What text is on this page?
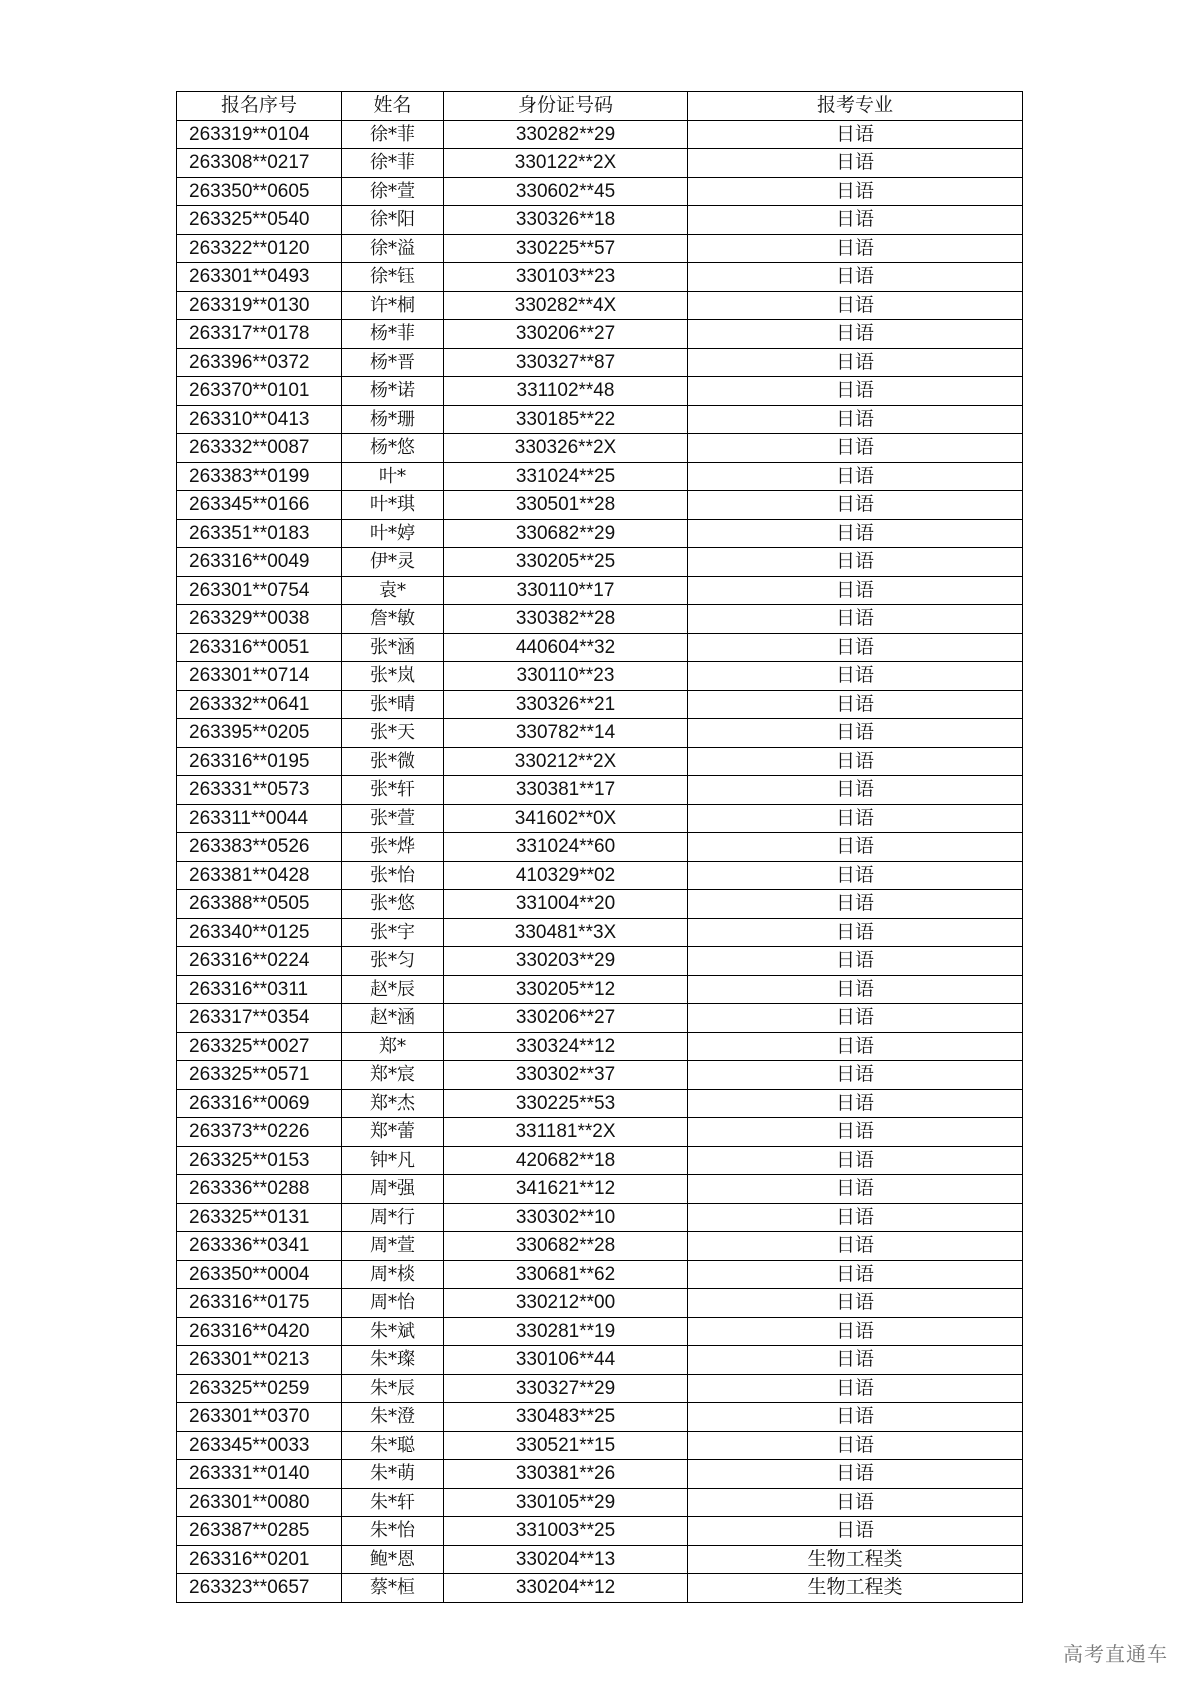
报名序号	姓名	身份证号码	报考专业
263319**0104	徐*菲	330282**29	日语
263308**0217	徐*菲	330122**2X	日语
263350**0605	徐*萱	330602**45	日语
263325**0540	徐*阳	330326**18	日语
263322**0120	徐*溢	330225**57	日语
263301**0493	徐*钰	330103**23	日语
263319**0130	许*桐	330282**4X	日语
263317**0178	杨*菲	330206**27	日语
263396**0372	杨*晋	330327**87	日语
263370**0101	杨*诺	331102**48	日语
263310**0413	杨*珊	330185**22	日语
263332**0087	杨*悠	330326**2X	日语
263383**0199	叶*	331024**25	日语
263345**0166	叶*琪	330501**28	日语
263351**0183	叶*婷	330682**29	日语
263316**0049	伊*灵	330205**25	日语
263301**0754	袁*	330110**17	日语
263329**0038	詹*敏	330382**28	日语
263316**0051	张*涵	440604**32	日语
263301**0714	张*岚	330110**23	日语
263332**0641	张*晴	330326**21	日语
263395**0205	张*天	330782**14	日语
263316**0195	张*微	330212**2X	日语
263331**0573	张*轩	330381**17	日语
263311**0044	张*萱	341602**0X	日语
263383**0526	张*烨	331024**60	日语
263381**0428	张*怡	410329**02	日语
263388**0505	张*悠	331004**20	日语
263340**0125	张*宇	330481**3X	日语
263316**0224	张*匀	330203**29	日语
263316**0311	赵*辰	330205**12	日语
263317**0354	赵*涵	330206**27	日语
263325**0027	郑*	330324**12	日语
263325**0571	郑*宸	330302**37	日语
263316**0069	郑*杰	330225**53	日语
263373**0226	郑*蕾	331181**2X	日语
263325**0153	钟*凡	420682**18	日语
263336**0288	周*强	341621**12	日语
263325**0131	周*行	330302**10	日语
263336**0341	周*萱	330682**28	日语
263350**0004	周*棪	330681**62	日语
263316**0175	周*怡	330212**00	日语
263316**0420	朱*斌	330281**19	日语
263301**0213	朱*璨	330106**44	日语
263325**0259	朱*辰	330327**29	日语
263301**0370	朱*澄	330483**25	日语
263345**0033	朱*聪	330521**15	日语
263331**0140	朱*萌	330381**26	日语
263301**0080	朱*轩	330105**29	日语
263387**0285	朱*怡	331003**25	日语
263316**0201	鲍*恩	330204**13	生物工程类
263323**0657	蔡*桓	330204**12	生物工程类
高考直通车
